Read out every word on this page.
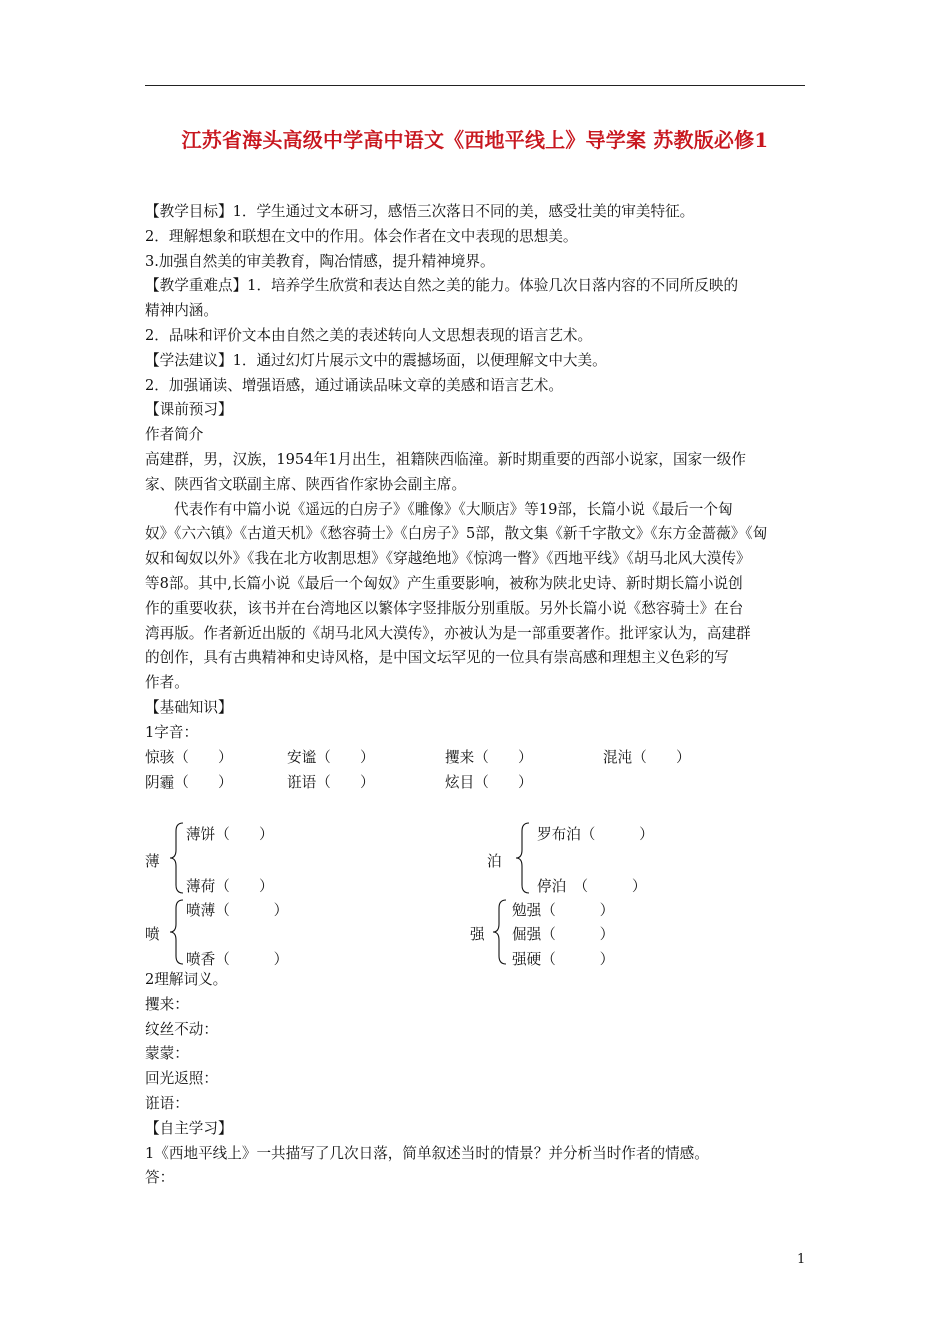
江苏省海头高级中学高中语文《西地平线上》导学案 苏教版必修1
【教学目标】1．学生通过文本研习，感悟三次落日不同的美，感受壮美的审美特征。
2．理解想象和联想在文中的作用。体会作者在文中表现的思想美。
3.加强自然美的审美教育，陶冶情感，提升精神境界。
【教学重难点】1．培养学生欣赏和表达自然之美的能力。体验几次日落内容的不同所反映的
精神内涵。
2．品味和评价文本由自然之美的表述转向人文思想表现的语言艺术。
【学法建议】1．通过幻灯片展示文中的震撼场面，以便理解文中大美。
2．加强诵读、增强语感，通过诵读品味文章的美感和语言艺术。
【课前预习】
作者简介
高建群，男，汉族，1954年1月出生，祖籍陕西临潼。新时期重要的西部小说家，国家一级作
家、陕西省文联副主席、陕西省作家协会副主席。
代表作有中篇小说《遥远的白房子》《雕像》《大顺店》等19部，长篇小说《最后一个匈
奴》《六六镇》《古道天机》《愁容骑士》《白房子》5部，散文集《新千字散文》《东方金蔷薇》《匈
奴和匈奴以外》《我在北方收割思想》《穿越绝地》《惊鸿一瞥》《西地平线》《胡马北风大漠传》
等8部。其中,长篇小说《最后一个匈奴》产生重要影响，被称为陕北史诗、新时期长篇小说创
作的重要收获，该书并在台湾地区以繁体字竖排版分别重版。另外长篇小说《愁容骑士》在台
湾再版。作者新近出版的《胡马北风大漠传》，亦被认为是一部重要著作。批评家认为，高建群
的创作，具有古典精神和史诗风格，是中国文坛罕见的一位具有崇高感和理想主义色彩的写
作者。
【基础知识】
1字音：
惊骇（　　）	安谧（　　）	攫来（　　）	混沌（　　）
阴霾（　　）	诳语（　　）	炫目（　　）
薄
薄饼（　　）
薄荷（　　）
泊
罗布泊（　　　）
停泊　（　　　）
喷
喷薄（　　　）
喷香（　　　）
强
勉强（　　　）
倔强（　　　）
强硬（　　　）
2理解词义。
攫来：
纹丝不动：
蒙蒙：
回光返照：
诳语：
【自主学习】
1《西地平线上》一共描写了几次日落，简单叙述当时的情景？并分析当时作者的情感。
答：
1
